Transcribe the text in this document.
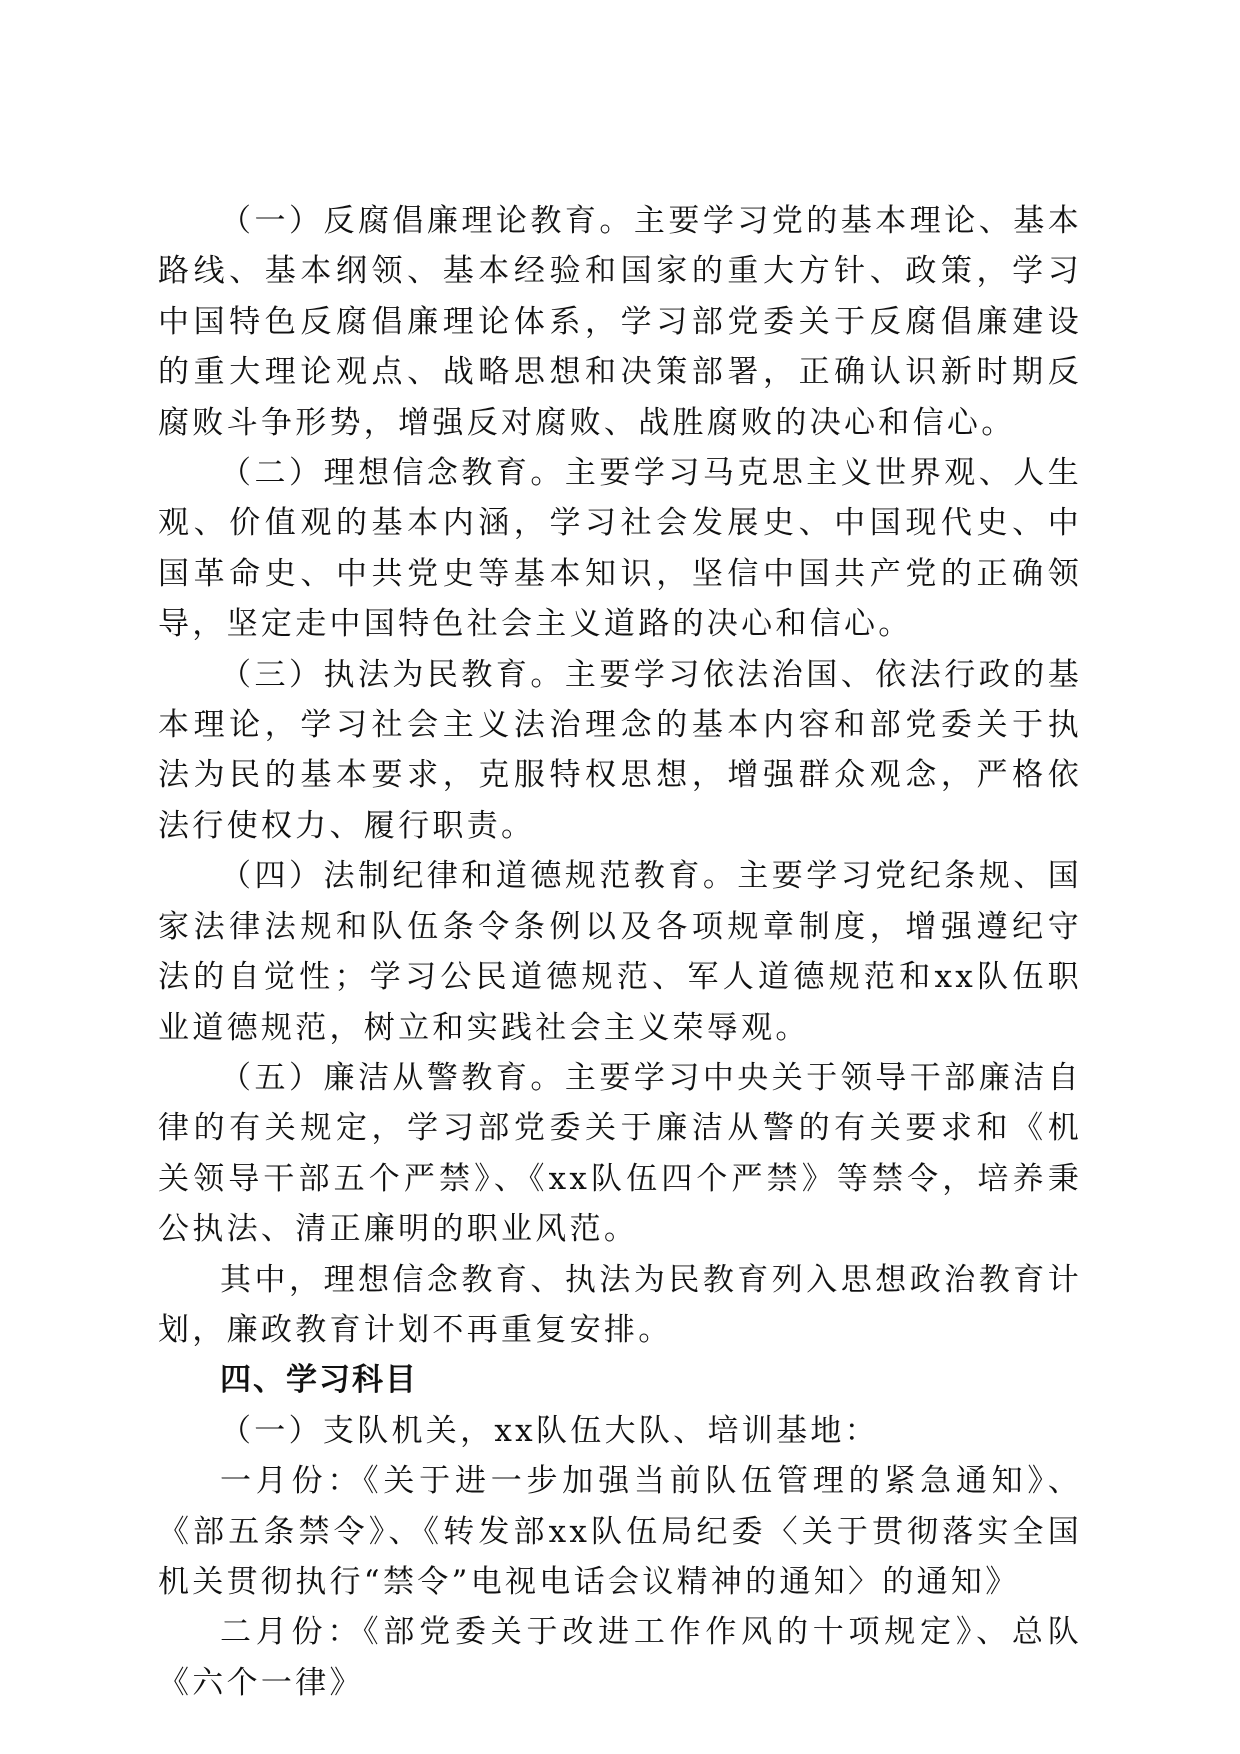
（一）反腐倡廉理论教育。主要学习党的基本理论、基本路线、基本纲领、基本经验和国家的重大方针、政策，学习中国特色反腐倡廉理论体系，学习部党委关于反腐倡廉建设的重大理论观点、战略思想和决策部署，正确认识新时期反腐败斗争形势，增强反对腐败、战胜腐败的决心和信心。

（二）理想信念教育。主要学习马克思主义世界观、人生观、价值观的基本内涵，学习社会发展史、中国现代史、中国革命史、中共党史等基本知识，坚信中国共产党的正确领导，坚定走中国特色社会主义道路的决心和信心。

（三）执法为民教育。主要学习依法治国、依法行政的基本理论，学习社会主义法治理念的基本内容和部党委关于执法为民的基本要求，克服特权思想，增强群众观念，严格依法行使权力、履行职责。

（四）法制纪律和道德规范教育。主要学习党纪条规、国家法律法规和队伍条令条例以及各项规章制度，增强遵纪守法的自觉性；学习公民道德规范、军人道德规范和xx队伍职业道德规范，树立和实践社会主义荣辱观。

（五）廉洁从警教育。主要学习中央关于领导干部廉洁自律的有关规定，学习部党委关于廉洁从警的有关要求和《机关领导干部五个严禁》、《xx队伍四个严禁》等禁令，培养秉公执法、清正廉明的职业风范。

其中，理想信念教育、执法为民教育列入思想政治教育计划，廉政教育计划不再重复安排。

四、学习科目

（一）支队机关，xx队伍大队、培训基地：

一月份：《关于进一步加强当前队伍管理的紧急通知》、《部五条禁令》、《转发部xx队伍局纪委〈关于贯彻落实全国机关贯彻执行“禁令”电视电话会议精神的通知〉的通知》

二月份：《部党委关于改进工作作风的十项规定》、总队《六个一律》
